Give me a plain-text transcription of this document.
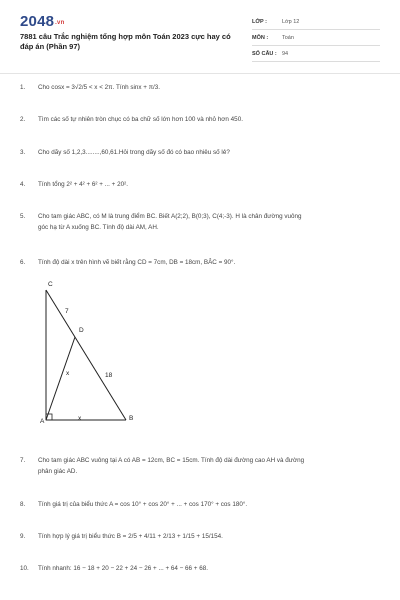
2048.vn
7881 câu Trắc nghiệm tổng hợp môn Toán 2023 cực hay có đáp án (Phần 97)
LỚP :	Lớp 12
MÔN :	Toán
SỐ CÂU : 94
1.	Cho cosx = 3√2/5 < x < 2π. Tính sinx + π/3.
2.	Tìm các số tự nhiên tròn chục có ba chữ số lớn hơn 100 và nhỏ hơn 450.
3.	Cho dãy số 1,2,3........,60,61.Hỏi trong dãy số đó có bao nhiêu số lẻ?
4.	Tính tổng 2² + 4² + 6² + ... + 20².
5.	Cho tam giác ABC, có M là trung điểm BC. Biết A(2;2), B(0;3), C(4;-3). H là chân đường vuông
góc hạ từ A xuống BC. Tính độ dài AM, AH.
6.	Tính độ dài x trên hình vẽ biết rằng CD = 7cm, DB = 18cm, BÂC = 90°.
C
7
D
x	18
A	x	B
7.	Cho tam giác ABC vuông tại A có AB = 12cm, BC = 15cm. Tính độ dài đường cao AH và đường
phân giác AD.
8.	Tính giá trị của biểu thức A = cos 10° + cos 20° + ... + cos 170° + cos 180°.
9.	Tính hợp lý giá trị biểu thức B = 2/5 + 4/11 + 2/13 + 1/15 + 15/154.
10.	Tính nhanh: 16 − 18 + 20 − 22 + 24 − 26 + ... + 64 − 66 + 68.
